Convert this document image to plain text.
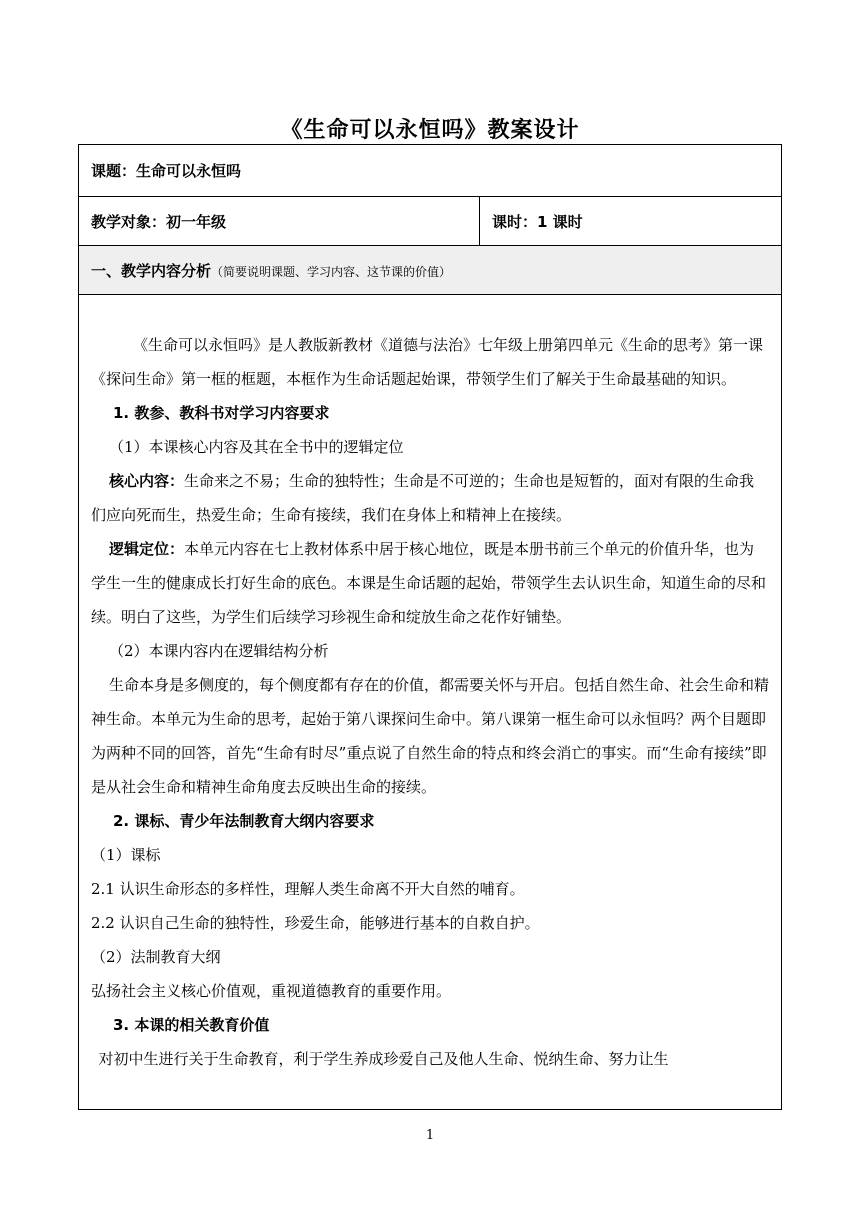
《生命可以永恒吗》教案设计
课题：生命可以永恒吗
教学对象：初一年级	课时：1 课时
一、教学内容分析（简要说明课题、学习内容、这节课的价值）

《生命可以永恒吗》是人教版新教材《道德与法治》七年级上册第四单元《生命的思考》第一课《探问生命》第一框的框题，本框作为生命话题起始课，带领学生们了解关于生命最基础的知识。

1. 教参、教科书对学习内容要求

（1）本课核心内容及其在全书中的逻辑定位

核心内容：生命来之不易；生命的独特性；生命是不可逆的；生命也是短暂的，面对有限的生命我们应向死而生，热爱生命；生命有接续，我们在身体上和精神上在接续。

逻辑定位：本单元内容在七上教材体系中居于核心地位，既是本册书前三个单元的价值升华，也为学生一生的健康成长打好生命的底色。本课是生命话题的起始，带领学生去认识生命，知道生命的尽和续。明白了这些，为学生们后续学习珍视生命和绽放生命之花作好铺垫。

（2）本课内容内在逻辑结构分析

生命本身是多侧度的，每个侧度都有存在的价值，都需要关怀与开启。包括自然生命、社会生命和精神生命。本单元为生命的思考，起始于第八课探问生命中。第八课第一框生命可以永恒吗？两个目题即为两种不同的回答，首先“生命有时尽”重点说了自然生命的特点和终会消亡的事实。而“生命有接续”即是从社会生命和精神生命角度去反映出生命的接续。

2. 课标、青少年法制教育大纲内容要求

（1）课标

2.1 认识生命形态的多样性，理解人类生命离不开大自然的哺育。

2.2 认识自己生命的独特性，珍爱生命，能够进行基本的自救自护。

（2）法制教育大纲

弘扬社会主义核心价值观，重视道德教育的重要作用。

3. 本课的相关教育价值

对初中生进行关于生命教育，利于学生养成珍爱自己及他人生命、悦纳生命、努力让生

1
